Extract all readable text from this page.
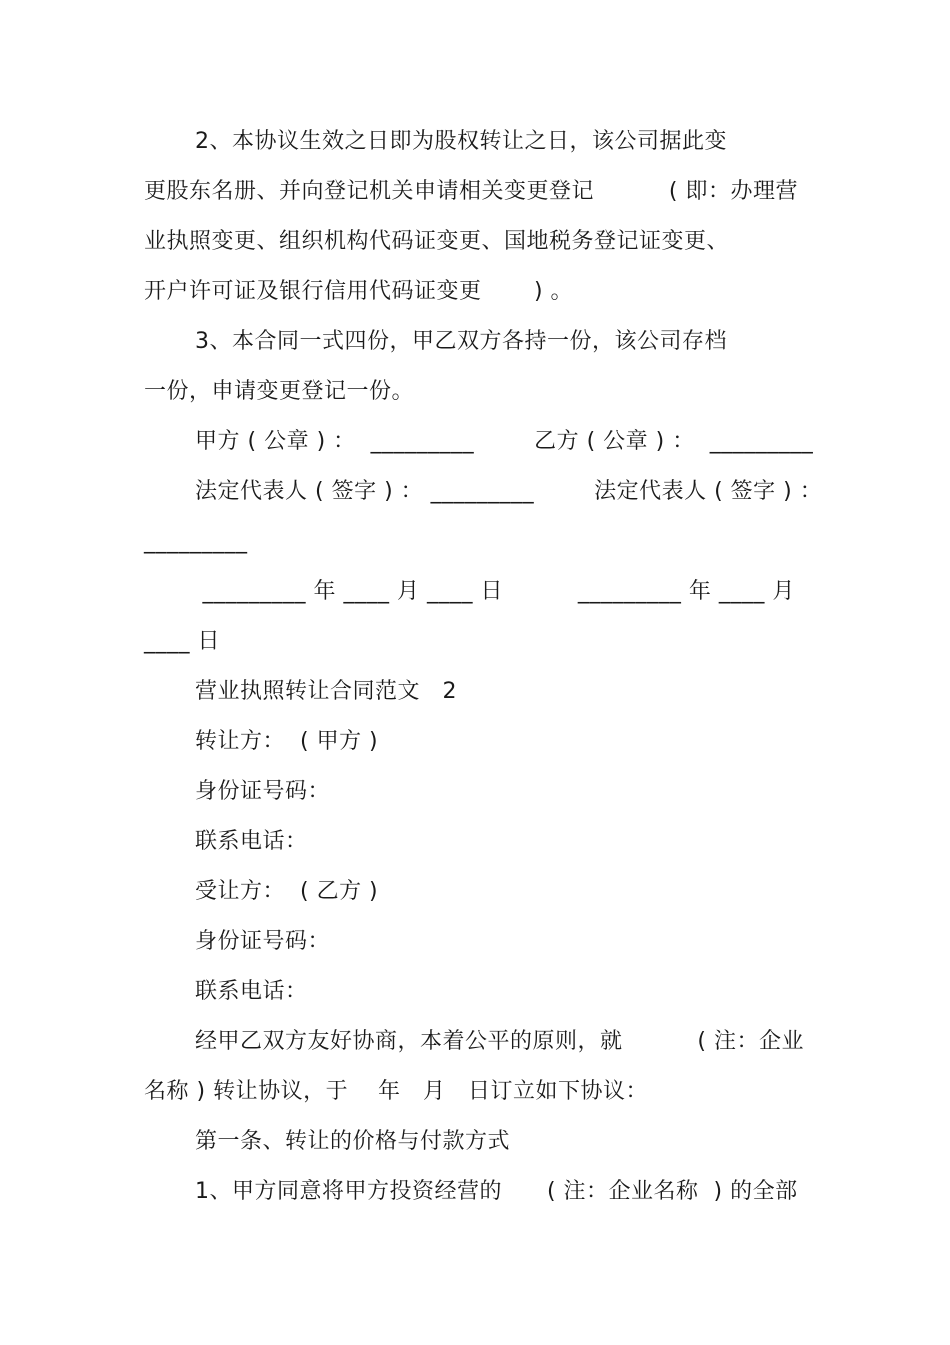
2、本协议生效之日即为股权转让之日，该公司据此变
更股东名册、并向登记机关申请相关变更登记          ( 即：办理营
业执照变更、组织机构代码证变更、国地税务登记证变更、
开户许可证及银行信用代码证变更       ) 。
3、本合同一式四份，甲乙双方各持一份，该公司存档
一份，申请变更登记一份。
甲方 ( 公章 ) ：  _________        乙方 ( 公章 ) ：  _________
法定代表人 ( 签字 ) ： _________        法定代表人 ( 签字 ) ：
_________
_________ 年 ____ 月 ____ 日          _________ 年 ____ 月
____ 日
营业执照转让合同范文   2
转让方：  ( 甲方 )
身份证号码：
联系电话：
受让方：  ( 乙方 )
身份证号码：
联系电话：
经甲乙双方友好协商，本着公平的原则，就          ( 注：企业
名称 ) 转让协议，于    年   月   日订立如下协议：
第一条、转让的价格与付款方式
1、甲方同意将甲方投资经营的      ( 注：企业名称  ) 的全部
